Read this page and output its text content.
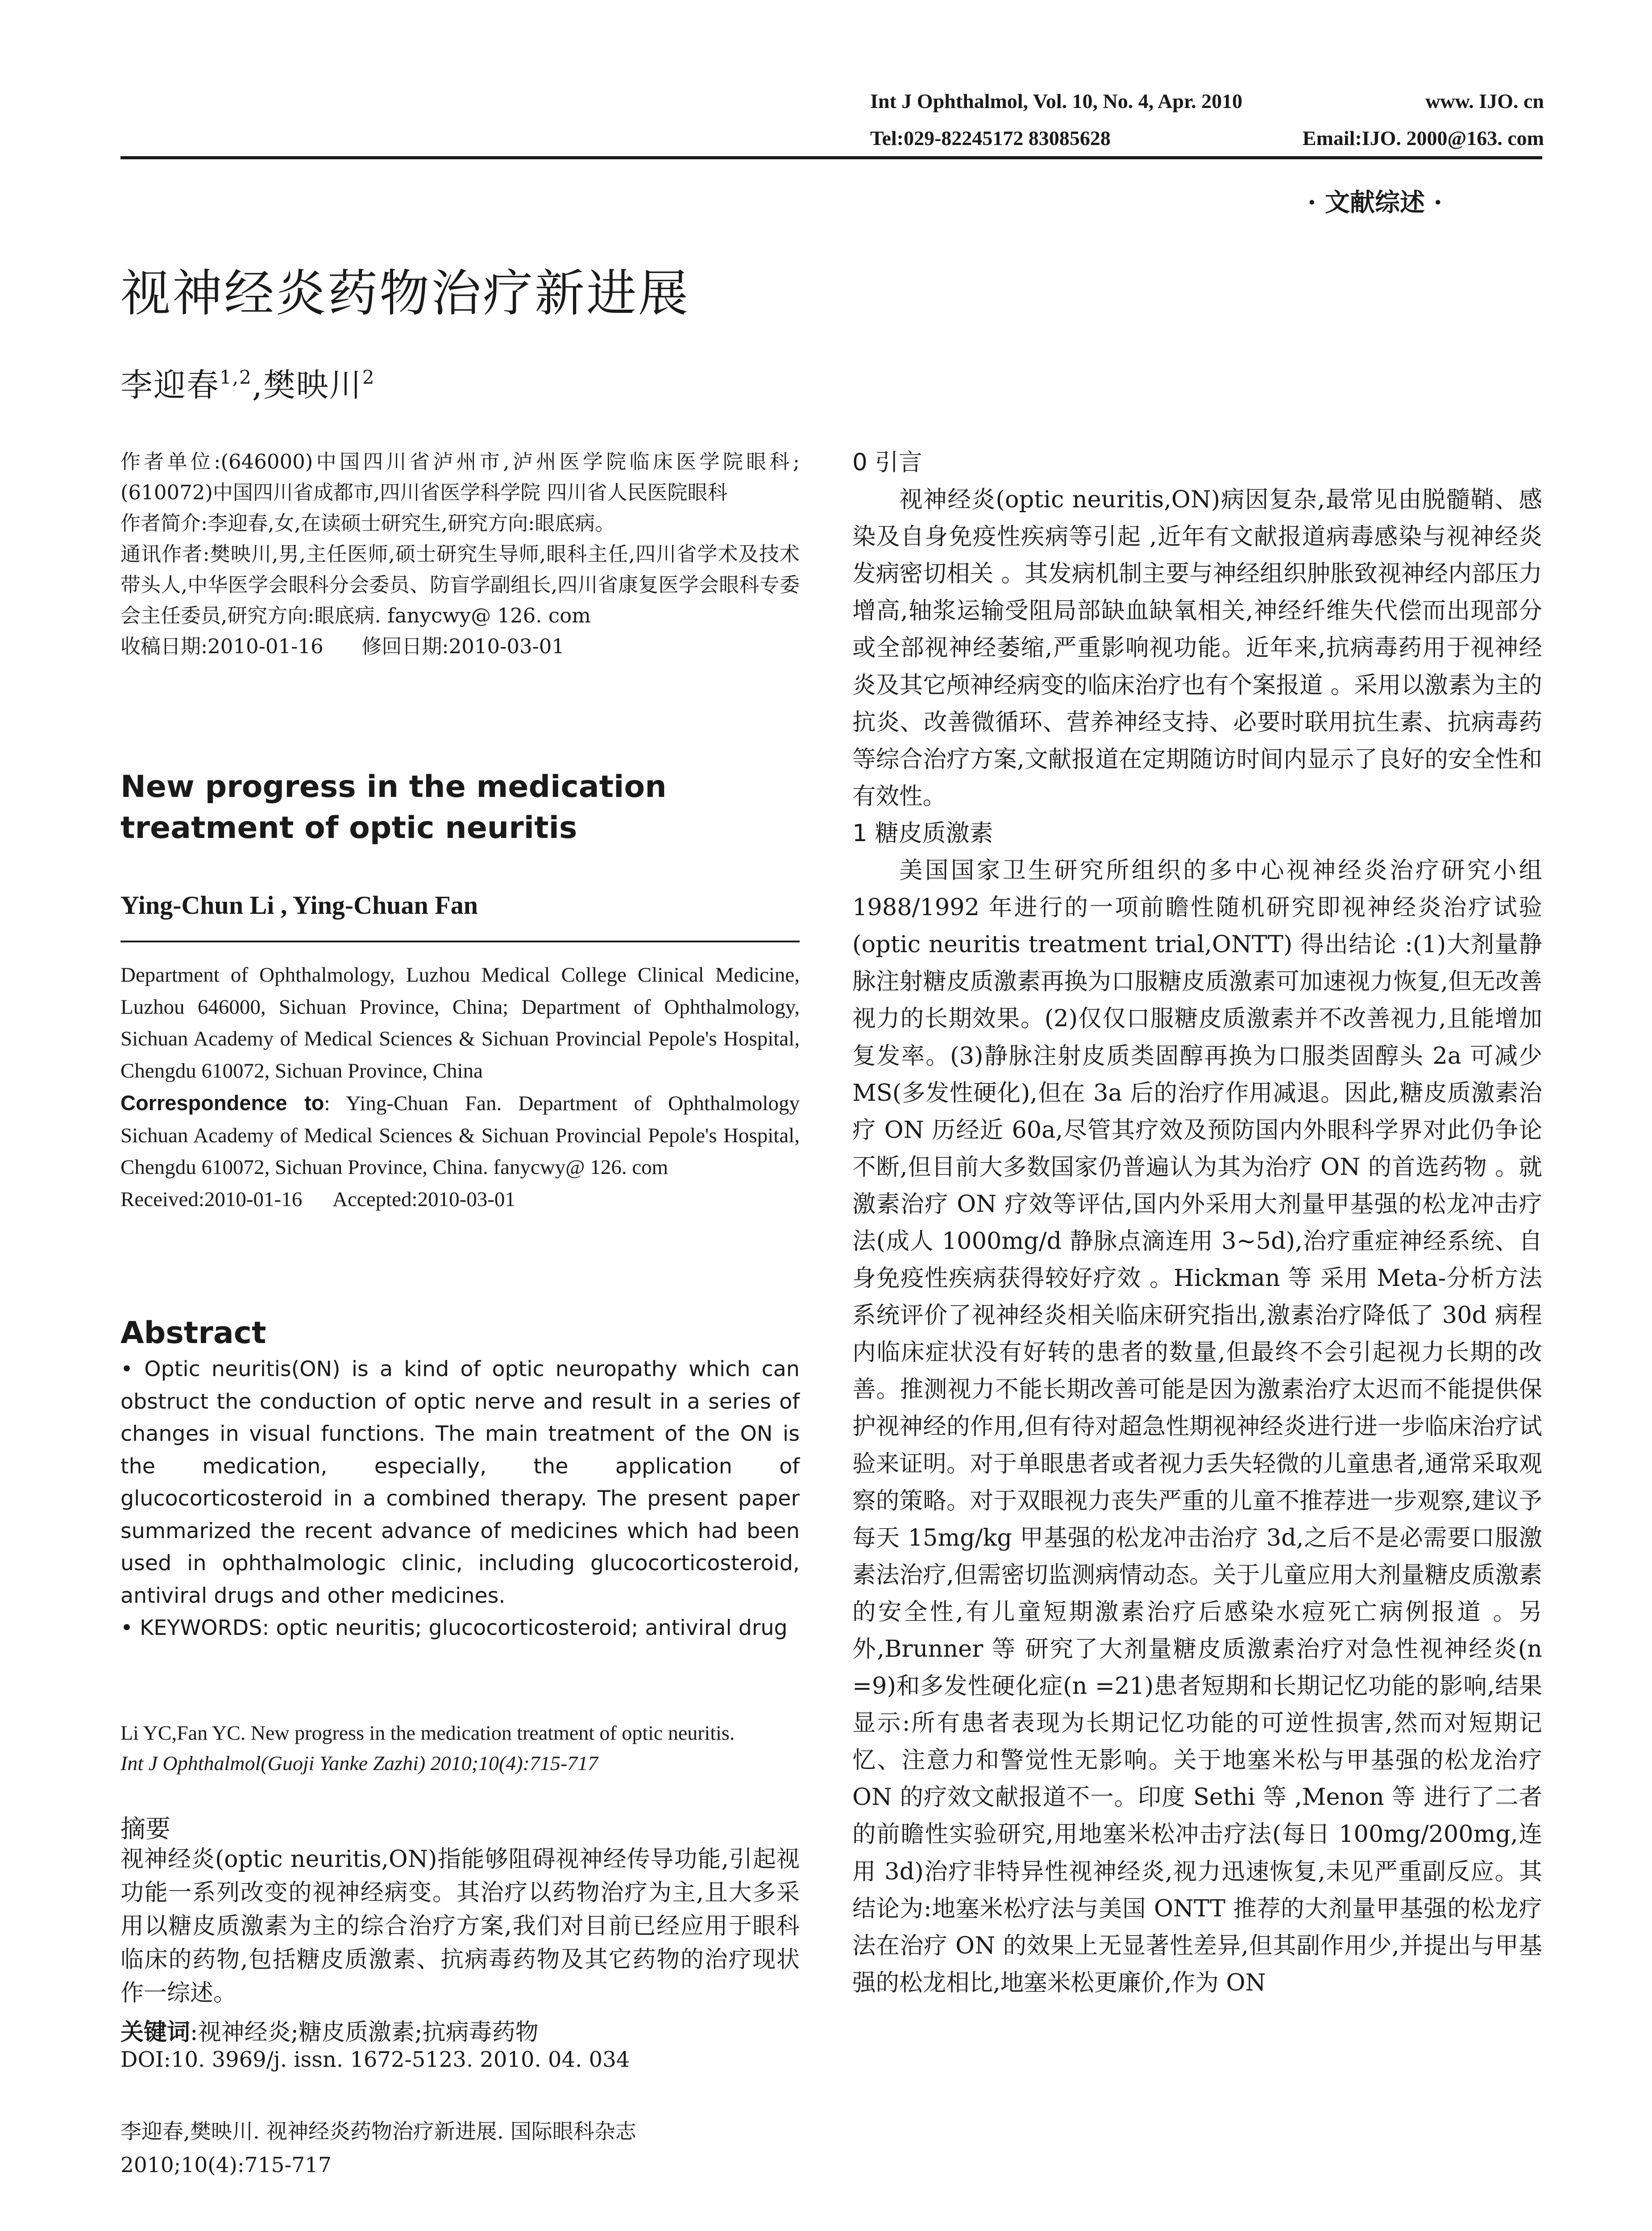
Int J Ophthalmol, Vol. 10, No. 4, Apr. 2010	www. IJO. cn
Tel:029-82245172 83085628	Email:IJO. 2000@163. com
· 文献综述 ·
视神经炎药物治疗新进展
李迎春$^{1,2}$,樊映川$^2$

作者单位:(646000)中国四川省泸州市,泸州医学院临床医学院眼科;(610072)中国四川省成都市,四川省医学科学院 四川省人民医院眼科

作者简介:李迎春,女,在读硕士研究生,研究方向:眼底病。

通讯作者:樊映川,男,主任医师,硕士研究生导师,眼科主任,四川省学术及技术带头人,中华医学会眼科分会委员、防盲学副组长,四川省康复医学会眼科专委会主任委员,研究方向:眼底病. fanycwy@ 126. com

收稿日期:2010-01-16      修回日期:2010-03-01

New progress in the medication treatment of optic neuritis
Ying-Chun Li , Ying-Chuan Fan

Department of Ophthalmology, Luzhou Medical College Clinical Medicine, Luzhou 646000, Sichuan Province, China; Department of Ophthalmology, Sichuan Academy of Medical Sciences & Sichuan Provincial Pepole's Hospital, Chengdu 610072, Sichuan Province, China

Correspondence to: Ying-Chuan Fan. Department of Ophthalmology Sichuan Academy of Medical Sciences & Sichuan Provincial Pepole's Hospital, Chengdu 610072, Sichuan Province, China. fanycwy@ 126. com

Received:2010-01-16      Accepted:2010-03-01

Abstract

• Optic neuritis(ON) is a kind of optic neuropathy which can obstruct the conduction of optic nerve and result in a series of changes in visual functions. The main treatment of the ON is the medication, especially, the application of glucocorticosteroid in a combined therapy. The present paper summarized the recent advance of medicines which had been used in ophthalmologic clinic, including glucocorticosteroid, antiviral drugs and other medicines.

• KEYWORDS: optic neuritis; glucocorticosteroid; antiviral drug

Li YC,Fan YC. New progress in the medication treatment of optic neuritis.

Int J Ophthalmol(Guoji Yanke Zazhi) 2010;10(4):715-717

摘要

视神经炎(optic neuritis,ON)指能够阻碍视神经传导功能,引起视功能一系列改变的视神经病变。其治疗以药物治疗为主,且大多采用以糖皮质激素为主的综合治疗方案,我们对目前已经应用于眼科临床的药物,包括糖皮质激素、抗病毒药物及其它药物的治疗现状作一综述。

关键词:视神经炎;糖皮质激素;抗病毒药物
DOI:10. 3969/j. issn. 1672-5123. 2010. 04. 034

李迎春,樊映川. 视神经炎药物治疗新进展. 国际眼科杂志 2010;10(4):715-717

0 引言

视神经炎(optic neuritis,ON)病因复杂,最常见由脱髓鞘、感染及自身免疫性疾病等引起 ,近年有文献报道病毒感染与视神经炎发病密切相关 。其发病机制主要与神经组织肿胀致视神经内部压力增高,轴浆运输受阻局部缺血缺氧相关,神经纤维失代偿而出现部分或全部视神经萎缩,严重影响视功能。近年来,抗病毒药用于视神经炎及其它颅神经病变的临床治疗也有个案报道 。采用以激素为主的抗炎、改善微循环、营养神经支持、必要时联用抗生素、抗病毒药等综合治疗方案,文献报道在定期随访时间内显示了良好的安全性和有效性。

1 糖皮质激素

美国国家卫生研究所组织的多中心视神经炎治疗研究小组 1988/1992 年进行的一项前瞻性随机研究即视神经炎治疗试验(optic neuritis treatment trial,ONTT) 得出结论 :(1)大剂量静脉注射糖皮质激素再换为口服糖皮质激素可加速视力恢复,但无改善视力的长期效果。(2)仅仅口服糖皮质激素并不改善视力,且能增加复发率。(3)静脉注射皮质类固醇再换为口服类固醇头 2a 可减少 MS(多发性硬化),但在 3a 后的治疗作用减退。因此,糖皮质激素治疗 ON 历经近 60a,尽管其疗效及预防国内外眼科学界对此仍争论不断,但目前大多数国家仍普遍认为其为治疗 ON 的首选药物 。就激素治疗 ON 疗效等评估,国内外采用大剂量甲基强的松龙冲击疗法(成人 1000mg/d 静脉点滴连用 3~5d),治疗重症神经系统、自身免疫性疾病获得较好疗效 。Hickman 等 采用 Meta-分析方法系统评价了视神经炎相关临床研究指出,激素治疗降低了 30d 病程内临床症状没有好转的患者的数量,但最终不会引起视力长期的改善。推测视力不能长期改善可能是因为激素治疗太迟而不能提供保护视神经的作用,但有待对超急性期视神经炎进行进一步临床治疗试验来证明。对于单眼患者或者视力丢失轻微的儿童患者,通常采取观察的策略。对于双眼视力丧失严重的儿童不推荐进一步观察,建议予每天 15mg/kg 甲基强的松龙冲击治疗 3d,之后不是必需要口服激素法治疗,但需密切监测病情动态。关于儿童应用大剂量糖皮质激素的安全性,有儿童短期激素治疗后感染水痘死亡病例报道 。另外,Brunner 等 研究了大剂量糖皮质激素治疗对急性视神经炎(n =9)和多发性硬化症(n =21)患者短期和长期记忆功能的影响,结果显示:所有患者表现为长期记忆功能的可逆性损害,然而对短期记忆、注意力和警觉性无影响。关于地塞米松与甲基强的松龙治疗 ON 的疗效文献报道不一。印度 Sethi 等 ,Menon 等 进行了二者的前瞻性实验研究,用地塞米松冲击疗法(每日 100mg/200mg,连用 3d)治疗非特异性视神经炎,视力迅速恢复,未见严重副反应。其结论为:地塞米松疗法与美国 ONTT 推荐的大剂量甲基强的松龙疗法在治疗 ON 的效果上无显著性差异,但其副作用少,并提出与甲基强的松龙相比,地塞米松更廉价,作为 ON
